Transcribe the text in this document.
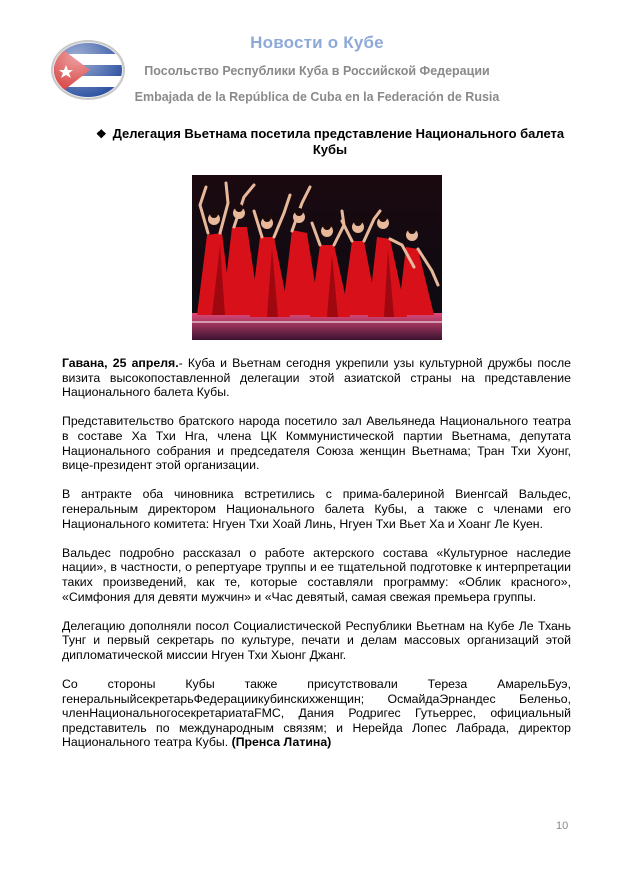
Новости о Кубе
Посольство Республики Куба в Российской Федерации
Embajada de la República de Cuba en la Federación de Rusia
❖ Делегация Вьетнама посетила представление Национального балета
Кубы

Гавана, 25 апреля.- Куба и Вьетнам сегодня укрепили узы культурной дружбы после визита высокопоставленной делегации этой азиатской страны на представление Национального балета Кубы.

Представительство братского народа посетило зал Авельянеда Национального театра в составе Ха Тхи Нга, члена ЦК Коммунистической партии Вьетнама, депутата Национального собрания и председателя Союза женщин Вьетнама; Тран Тхи Хуонг, вице-президент этой организации.

В антракте оба чиновника встретились с прима-балериной Виенгсай Вальдес, генеральным директором Национального балета Кубы, а также с членами его Национального комитета: Нгуен Тхи Хоай Линь, Нгуен Тхи Вьет Ха и Хоанг Ле Куен.

Вальдес подробно рассказал о работе актерского состава «Культурное наследие нации», в частности, о репертуаре труппы и ее тщательной подготовке к интерпретации таких произведений, как те, которые составляли программу: «Облик красного», «Симфония для девяти мужчин» и «Час девятый, самая свежая премьера группы.

Делегацию дополняли посол Социалистической Республики Вьетнам на Кубе Ле Тхань Тунг и первый секретарь по культуре, печати и делам массовых организаций этой дипломатической миссии Нгуен Тхи Хыонг Джанг.

Со стороны Кубы также присутствовали Тереза АмарельБуэ, генеральныйсекретарьФедерациикубинскихженщин; ОсмайдаЭрнандес Беленьо, членНациональногосекретариатаFMC, Дания Родригес Гутьеррес, официальный представитель по международным связям; и Нерейда Лопес Лабрада, директор Национального театра Кубы. (Пренса Латина)

10
